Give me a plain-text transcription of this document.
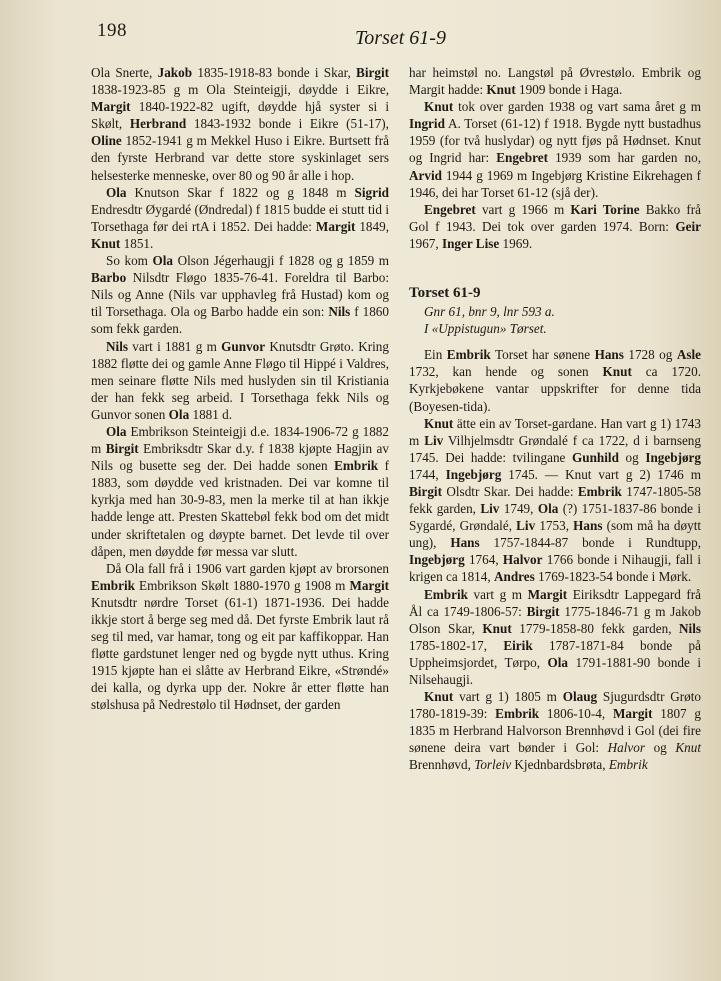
198	Torset 61-9

Ola Snerte, Jakob 1835-1918-83 bonde i Skar, Birgit 1838-1923-85 g m Ola Steinteigji, døydde i Eikre, Margit 1840-1922-82 ugift, døydde hjå syster si i Skølt, Herbrand 1843-1932 bonde i Eikre (51-17), Oline 1852-1941 g m Mekkel Huso i Eikre. Burtsett frå den fyrste Herbrand var dette store syskinlaget sers helsesterke menneske, over 80 og 90 år alle i hop.

Ola Knutson Skar f 1822 og g 1848 m Sigrid Endresdtr Øygardé (Øndredal) f 1815 budde ei stutt tid i Torsethaga før dei rtA i 1852. Dei hadde: Margit 1849, Knut 1851.

So kom Ola Olson Jégerhaugji f 1828 og g 1859 m Barbo Nilsdtr Fløgo 1835-76-41. Foreldra til Barbo: Nils og Anne (Nils var upphavleg frå Hustad) kom og til Torsethaga. Ola og Barbo hadde ein son: Nils f 1860 som fekk garden.

Nils vart i 1881 g m Gunvor Knutsdtr Grøto. Kring 1882 fløtte dei og gamle Anne Fløgo til Hippé i Valdres, men seinare fløtte Nils med huslyden sin til Kristiania der han fekk seg arbeid. I Torsethaga fekk Nils og Gunvor sonen Ola 1881 d.

Ola Embrikson Steinteigji d.e. 1834-1906-72 g 1882 m Birgit Embriksdtr Skar d.y. f 1838 kjøpte Hagjin av Nils og busette seg der. Dei hadde sonen Embrik f 1883, som døydde ved kristnaden. Dei var komne til kyrkja med han 30-9-83, men la merke til at han ikkje hadde lenge att. Presten Skattebøl fekk bod om det midt under skriftetalen og døypte barnet. Det levde til over dåpen, men døydde før messa var slutt.

Då Ola fall frå i 1906 vart garden kjøpt av brorsonen Embrik Embrikson Skølt 1880-1970 g 1908 m Margit Knutsdtr nørdre Torset (61-1) 1871-1936. Dei hadde ikkje stort å berge seg med då. Det fyrste Embrik laut rå seg til med, var hamar, tong og eit par kaffikoppar. Han fløtte gardstunet lenger ned og bygde nytt uthus. Kring 1915 kjøpte han ei slåtte av Herbrand Eikre, «Strøndé» dei kalla, og dyrka upp der. Nokre år etter fløtte han stølshusa på Nedrestølo til Hødnset, der garden

har heimstøl no. Langstøl på Øvrestølo. Embrik og Margit hadde: Knut 1909 bonde i Haga.

Knut tok over garden 1938 og vart sama året g m Ingrid A. Torset (61-12) f 1918. Bygde nytt bustadhus 1959 (for två huslydar) og nytt fjøs på Hødnset. Knut og Ingrid har: Engebret 1939 som har garden no, Arvid 1944 g 1969 m Ingebjørg Kristine Eikrehagen f 1946, dei har Torset 61-12 (sjå der).

Engebret vart g 1966 m Kari Torine Bakko frå Gol f 1943. Dei tok over garden 1974. Born: Geir 1967, Inger Lise 1969.

Torset 61-9

Gnr 61, bnr 9, lnr 593 a.

I «Uppistugun» Tørset.

Ein Embrik Torset har sønene Hans 1728 og Asle 1732, kan hende og sonen Knut ca 1720. Kyrkjebøkene vantar uppskrifter for denne tida (Boyesen-tida).

Knut ätte ein av Torset-gardane. Han vart g 1) 1743 m Liv Vilhjelmsdtr Grøndalé f ca 1722, d i barnseng 1745. Dei hadde: tvilingane Gunhild og Ingebjørg 1744, Ingebjørg 1745. — Knut vart g 2) 1746 m Birgit Olsdtr Skar. Dei hadde: Embrik 1747-1805-58 fekk garden, Liv 1749, Ola (?) 1751-1837-86 bonde i Sygardé, Grøndalé, Liv 1753, Hans (som må ha døytt ung), Hans 1757-1844-87 bonde i Rundtupp, Ingebjørg 1764, Halvor 1766 bonde i Nihaugji, fall i krigen ca 1814, Andres 1769-1823-54 bonde i Mørk.

Embrik vart g m Margit Eiriksdtr Lappegard frå Ål ca 1749-1806-57: Birgit 1775-1846-71 g m Jakob Olson Skar, Knut 1779-1858-80 fekk garden, Nils 1785-1802-17, Eirik 1787-1871-84 bonde på Uppheimsjordet, Tørpo, Ola 1791-1881-90 bonde i Nilsehaugji.

Knut vart g 1) 1805 m Olaug Sjugurdsdtr Grøto 1780-1819-39: Embrik 1806-10-4, Margit 1807 g 1835 m Herbrand Halvorson Brennhøvd i Gol (dei fire sønene deira vart bønder i Gol: Halvor og Knut Brennhøvd, Torleiv Kjednbardsbrøta, Embrik
